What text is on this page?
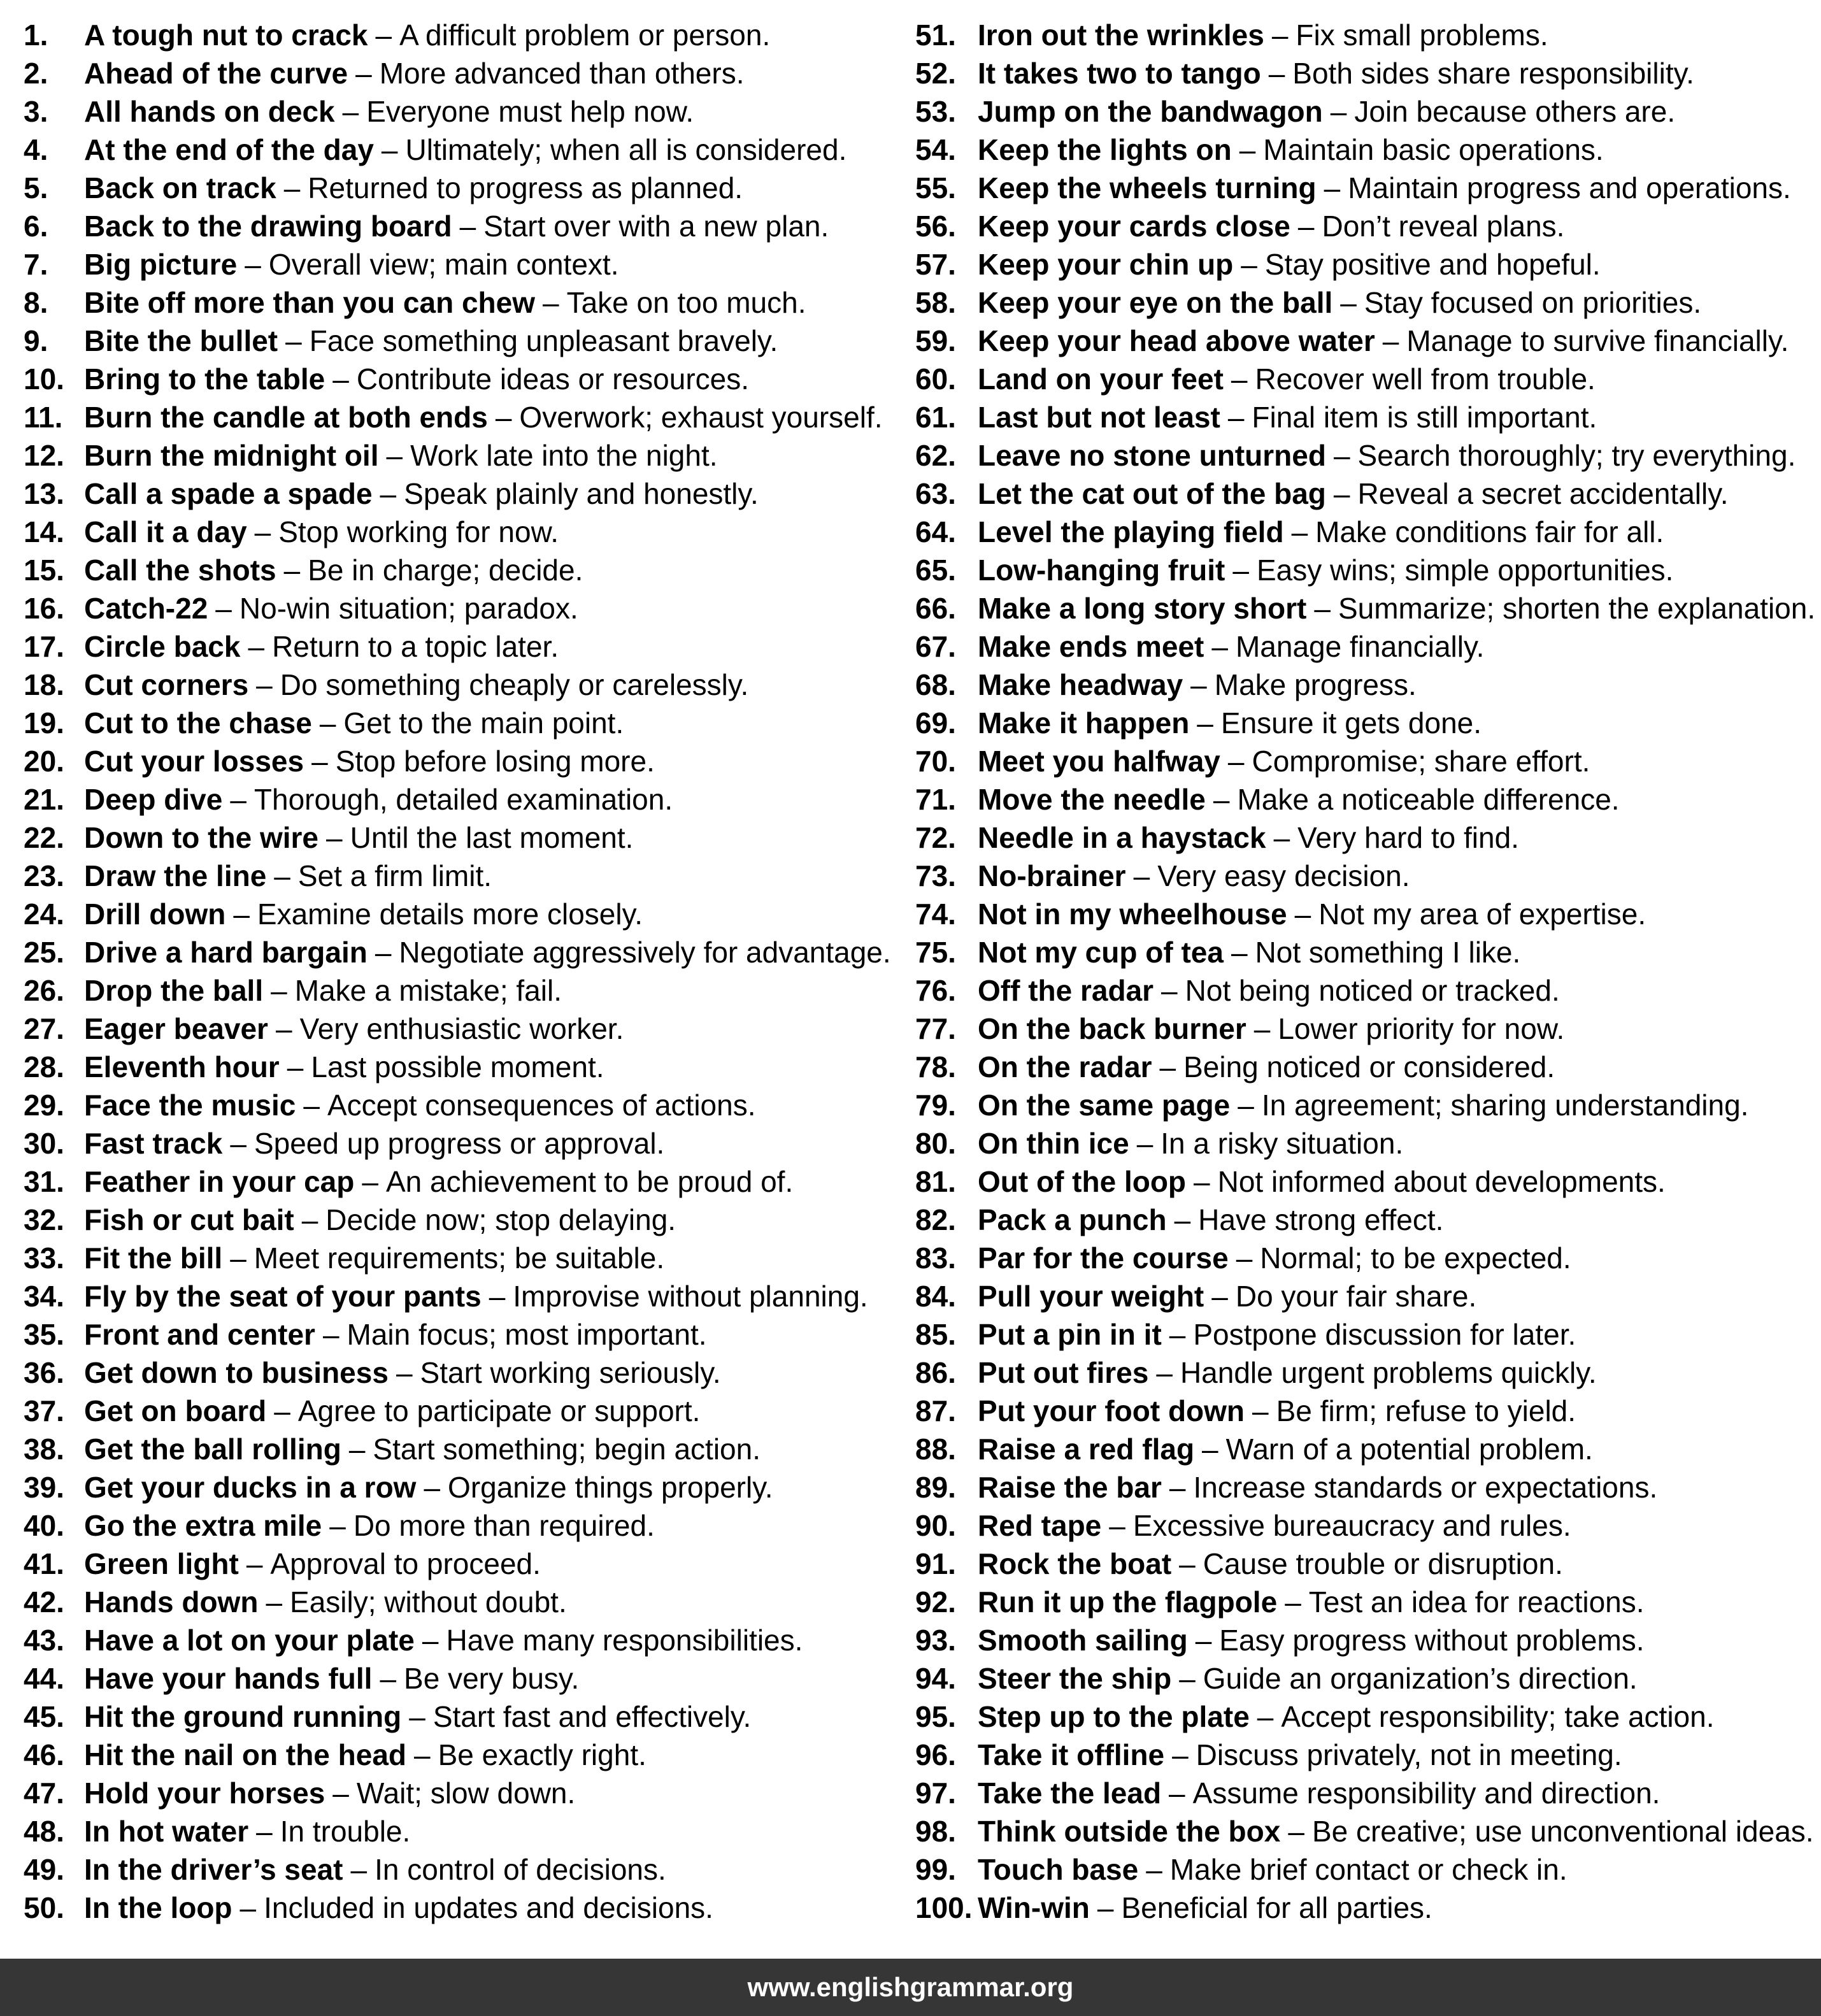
1.	A tough nut to crack – A difficult problem or person.
2.	Ahead of the curve – More advanced than others.
3.	All hands on deck – Everyone must help now.
4.	At the end of the day – Ultimately; when all is considered.
5.	Back on track – Returned to progress as planned.
6.	Back to the drawing board – Start over with a new plan.
7.	Big picture – Overall view; main context.
8.	Bite off more than you can chew – Take on too much.
9.	Bite the bullet – Face something unpleasant bravely.
10. Bring to the table – Contribute ideas or resources.
11. Burn the candle at both ends – Overwork; exhaust yourself.
12. Burn the midnight oil – Work late into the night.
13. Call a spade a spade – Speak plainly and honestly.
14. Call it a day – Stop working for now.
15. Call the shots – Be in charge; decide.
16. Catch-22 – No-win situation; paradox.
17. Circle back – Return to a topic later.
18. Cut corners – Do something cheaply or carelessly.
19. Cut to the chase – Get to the main point.
20. Cut your losses – Stop before losing more.
21. Deep dive – Thorough, detailed examination.
22. Down to the wire – Until the last moment.
23. Draw the line – Set a firm limit.
24. Drill down – Examine details more closely.
25. Drive a hard bargain – Negotiate aggressively for advantage.
26. Drop the ball – Make a mistake; fail.
27. Eager beaver – Very enthusiastic worker.
28. Eleventh hour – Last possible moment.
29. Face the music – Accept consequences of actions.
30. Fast track – Speed up progress or approval.
31. Feather in your cap – An achievement to be proud of.
32. Fish or cut bait – Decide now; stop delaying.
33. Fit the bill – Meet requirements; be suitable.
34. Fly by the seat of your pants – Improvise without planning.
35. Front and center – Main focus; most important.
36. Get down to business – Start working seriously.
37. Get on board – Agree to participate or support.
38. Get the ball rolling – Start something; begin action.
39. Get your ducks in a row – Organize things properly.
40. Go the extra mile – Do more than required.
41. Green light – Approval to proceed.
42. Hands down – Easily; without doubt.
43. Have a lot on your plate – Have many responsibilities.
44. Have your hands full – Be very busy.
45. Hit the ground running – Start fast and effectively.
46. Hit the nail on the head – Be exactly right.
47. Hold your horses – Wait; slow down.
48. In hot water – In trouble.
49. In the driver’s seat – In control of decisions.
50. In the loop – Included in updates and decisions.
51. Iron out the wrinkles – Fix small problems.
52. It takes two to tango – Both sides share responsibility.
53. Jump on the bandwagon – Join because others are.
54. Keep the lights on – Maintain basic operations.
55. Keep the wheels turning – Maintain progress and operations.
56. Keep your cards close – Don’t reveal plans.
57. Keep your chin up – Stay positive and hopeful.
58. Keep your eye on the ball – Stay focused on priorities.
59. Keep your head above water – Manage to survive financially.
60. Land on your feet – Recover well from trouble.
61. Last but not least – Final item is still important.
62. Leave no stone unturned – Search thoroughly; try everything.
63. Let the cat out of the bag – Reveal a secret accidentally.
64. Level the playing field – Make conditions fair for all.
65. Low-hanging fruit – Easy wins; simple opportunities.
66. Make a long story short – Summarize; shorten the explanation.
67. Make ends meet – Manage financially.
68. Make headway – Make progress.
69. Make it happen – Ensure it gets done.
70. Meet you halfway – Compromise; share effort.
71. Move the needle – Make a noticeable difference.
72. Needle in a haystack – Very hard to find.
73. No-brainer – Very easy decision.
74. Not in my wheelhouse – Not my area of expertise.
75. Not my cup of tea – Not something I like.
76. Off the radar – Not being noticed or tracked.
77. On the back burner – Lower priority for now.
78. On the radar – Being noticed or considered.
79. On the same page – In agreement; sharing understanding.
80. On thin ice – In a risky situation.
81. Out of the loop – Not informed about developments.
82. Pack a punch – Have strong effect.
83. Par for the course – Normal; to be expected.
84. Pull your weight – Do your fair share.
85. Put a pin in it – Postpone discussion for later.
86. Put out fires – Handle urgent problems quickly.
87. Put your foot down – Be firm; refuse to yield.
88. Raise a red flag – Warn of a potential problem.
89. Raise the bar – Increase standards or expectations.
90. Red tape – Excessive bureaucracy and rules.
91. Rock the boat – Cause trouble or disruption.
92. Run it up the flagpole – Test an idea for reactions.
93. Smooth sailing – Easy progress without problems.
94. Steer the ship – Guide an organization’s direction.
95. Step up to the plate – Accept responsibility; take action.
96. Take it offline – Discuss privately, not in meeting.
97. Take the lead – Assume responsibility and direction.
98. Think outside the box – Be creative; use unconventional ideas.
99. Touch base – Make brief contact or check in.
100. Win-win – Beneficial for all parties.
www.englishgrammar.org
